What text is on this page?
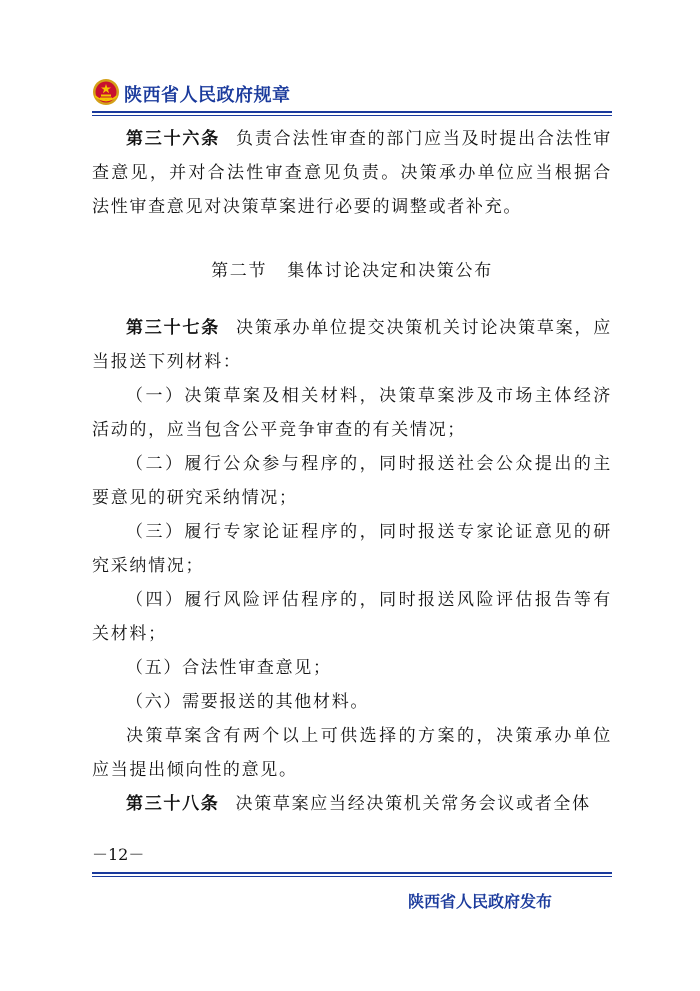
陕西省人民政府规章

第三十六条 负责合法性审查的部门应当及时提出合法性审查意见，并对合法性审查意见负责。决策承办单位应当根据合法性审查意见对决策草案进行必要的调整或者补充。

第二节 集体讨论决定和决策公布

第三十七条 决策承办单位提交决策机关讨论决策草案，应当报送下列材料：

（一）决策草案及相关材料，决策草案涉及市场主体经济活动的，应当包含公平竞争审查的有关情况；

（二）履行公众参与程序的，同时报送社会公众提出的主要意见的研究采纳情况；

（三）履行专家论证程序的，同时报送专家论证意见的研究采纳情况；

（四）履行风险评估程序的，同时报送风险评估报告等有关材料；

（五）合法性审查意见；

（六）需要报送的其他材料。

决策草案含有两个以上可供选择的方案的，决策承办单位应当提出倾向性的意见。

第三十八条 决策草案应当经决策机关常务会议或者全体

－12－
陕西省人民政府发布
